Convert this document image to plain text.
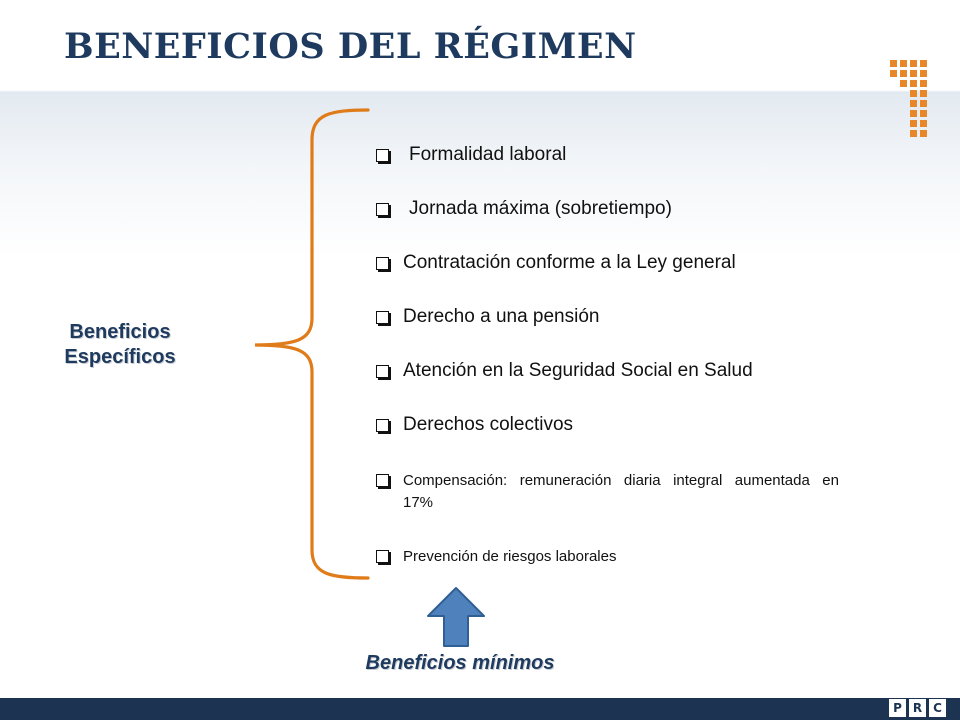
BENEFICIOS DEL RÉGIMEN
Beneficios
Específicos
Formalidad laboral
Jornada máxima (sobretiempo)
Contratación conforme a la Ley general
Derecho a una pensión
Atención en la Seguridad Social en Salud
Derechos colectivos
Compensación: remuneración diaria integral aumentada en 17%
Prevención de riesgos laborales
Beneficios mínimos
P R C
